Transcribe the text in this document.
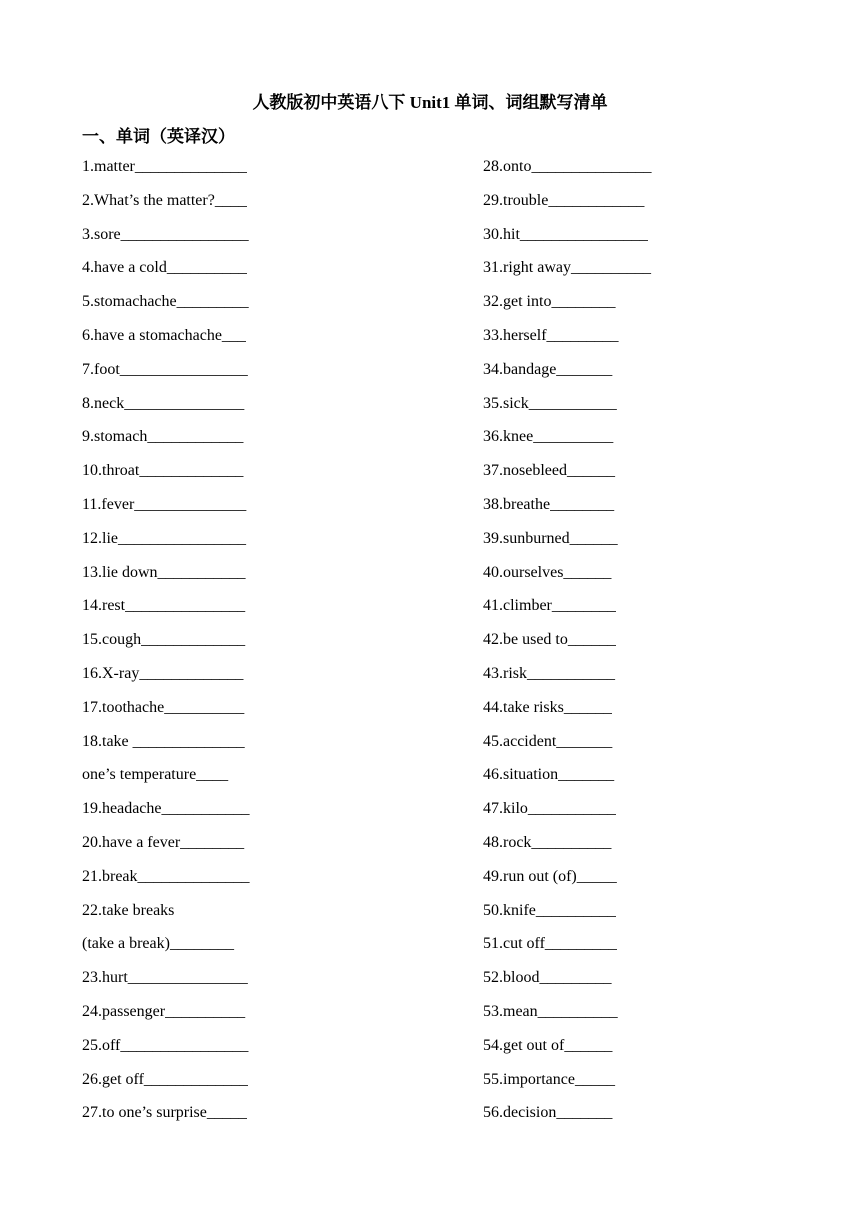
人教版初中英语八下 Unit1 单词、词组默写清单
一、单词（英译汉）
1.matter______________
2.What’s the matter?____
3.sore________________
4.have a cold__________
5.stomachache_________
6.have a stomachache___
7.foot________________
8.neck_______________
9.stomach____________
10.throat_____________
11.fever______________
12.lie________________
13.lie down___________
14.rest_______________
15.cough_____________
16.X-ray_____________
17.toothache__________
18.take ______________
one’s temperature____
19.headache___________
20.have a fever________
21.break______________
22.take breaks
(take a break)________
23.hurt_______________
24.passenger__________
25.off________________
26.get off_____________
27.to one’s surprise_____
28.onto_______________
29.trouble____________
30.hit________________
31.right away__________
32.get into________
33.herself_________
34.bandage_______
35.sick___________
36.knee__________
37.nosebleed______
38.breathe________
39.sunburned______
40.ourselves______
41.climber________
42.be used to______
43.risk___________
44.take risks______
45.accident_______
46.situation_______
47.kilo___________
48.rock__________
49.run out (of)_____
50.knife__________
51.cut off_________
52.blood_________
53.mean__________
54.get out of______
55.importance_____
56.decision_______
